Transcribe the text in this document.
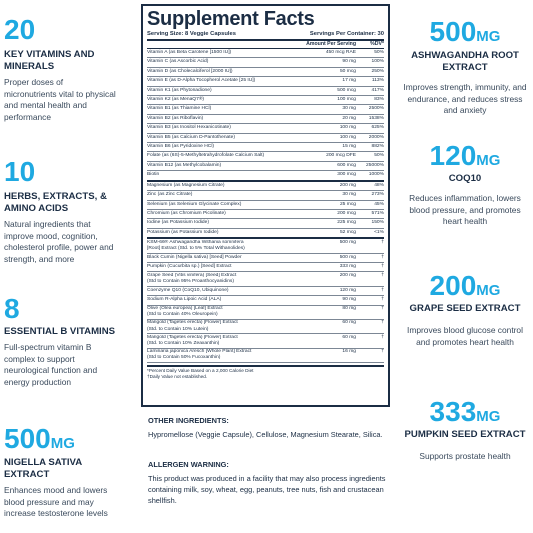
20
KEY VITAMINS AND MINERALS
Proper doses of micronutrients vital to physical and mental health and performance
10
HERBS, EXTRACTS, & AMINO ACIDS
Natural ingredients that improve mood, cognition, cholesterol profile, power and strength, and more
8
ESSENTIAL B VITAMINS
Full-spectrum vitamin B complex to support neurological function and energy production
500MG
NIGELLA SATIVA EXTRACT
Enhances mood and lowers blood pressure and may increase testosterone levels
500MG
ASHWAGANDHA ROOT EXTRACT
Improves strength, immunity, and endurance, and reduces stress and anxiety
120MG
COQ10
Reduces inflammation, lowers blood pressure, and promotes heart health
200MG
GRAPE SEED EXTRACT
Improves blood glucose control and promotes heart health
333MG
PUMPKIN SEED EXTRACT
Supports prostate health
Supplement Facts
Serving Size: 8 Veggie Capsules	Servings Per Container: 30
Amount Per Serving	%DV*
Vitamin A (as Beta Carotene [1500 IU])	450 mcg RAE	50%
Vitamin C (as Ascorbic Acid)	90 mg	100%
Vitamin D (as Cholecalciferol [2000 IU])	50 mcg	250%
Vitamin E (as D-Alpha Tocopherol Acetate [25 IU])	17 mg	113%
Vitamin K1 (as Phytonadione)	500 mcg	417%
Vitamin K2 (as MenaQ7®)	100 mcg	83%
Vitamin B1 (as Thiamine HCl)	30 mg	2500%
Vitamin B2 (as Riboflavin)	20 mg	1538%
Vitamin B3 (as Inositol Hexanicotinate)	100 mg	625%
Vitamin B5 (as Calcium D-Pantothenate)	100 mg	2000%
Vitamin B6 (as Pyridoxine HCl)	15 mg	882%
Folate (as (6S)-5-Methyltetrahydrofolate Calcium Salt)	200 mcg DFE	50%
Vitamin B12 (as Methylcobalamin)	600 mcg	25000%
Biotin	300 mcg	1000%
Magnesium (as Magnesium Citrate)	200 mg	48%
Zinc (as Zinc Citrate)	30 mg	273%
Selenium (as Selenium Glycinate Complex)	25 mcg	45%
Chromium (as Chromium Picolinate)	200 mcg	571%
Iodine (as Potassium Iodide)	225 mcg	150%
Potassium (as Potassium Iodide)	52 mcg	<1%
KSM-66® Ashwagandha Withania somnifera
[Root] Extract (Std. to 5% Total Withanolides)
500 mg	†
Black Cumin (Nigella sativa) [Seed] Powder	500 mg	†
Pumpkin (Cucurbita sp.) [Seed] Extract	333 mg	†
Grape Seed (Vitis vinifera) [Seed] Extract
(Std to Contain 95% Proanthocyanidins)
200 mg	†
Coenzyme Q10 (CoQ10, Ubiquinone)	120 mg	†
Sodium R-Alpha Lipoic Acid (ALA)	90 mg	†
Olive (Olea europea) [Leaf] Extract
(Std to Contain 40% Oleuropein)
80 mg	†
Marigold (Tagetes erecta) [Flower] Extract
(Std. to Contain 10% Lutein)
60 mg	†
Marigold (Tagetes erecta) [Flower] Extract
(Std. to Contain 10% Zeaxanthin)
60 mg	†
Laminaria japonica Aresch [Whole Plant] Extract
(Std to Contain 50% Fucoxanthin)
16 mg	†
*Percent Daily Value Based on a 2,000 Calorie Diet
†Daily Value not established.
OTHER INGREDIENTS:
Hypromellose (Veggie Capsule), Cellulose, Magnesium Stearate, Silica.
ALLERGEN WARNING:
This product was produced in a facility that may also process ingredients containing milk, soy, wheat, egg, peanuts, tree nuts, fish and crustacean shellfish.
